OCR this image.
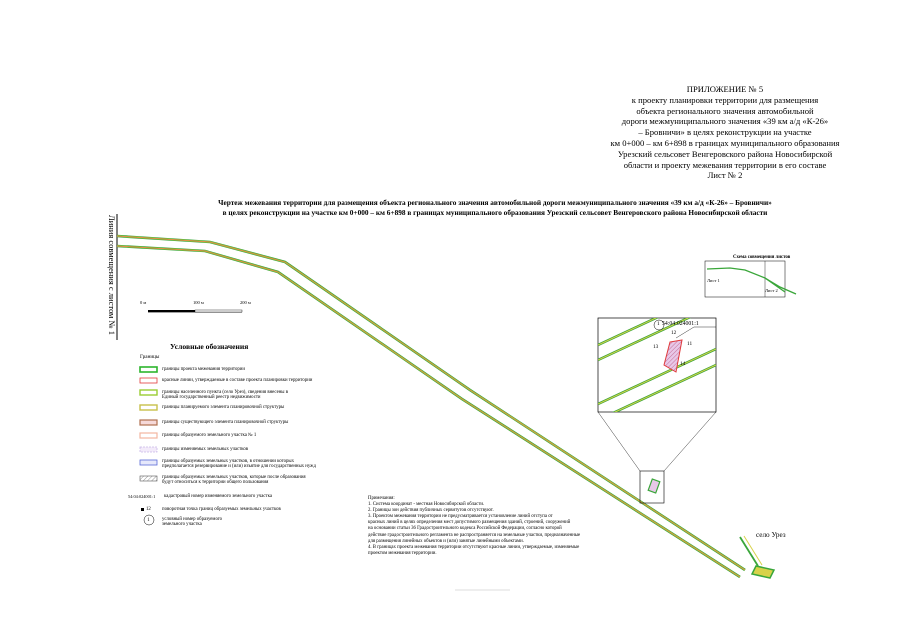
ПРИЛОЖЕНИЕ № 5
к проекту планировки территории для размещения
объекта регионального значения автомобильной
дороги межмуниципального значения «39 км а/д «К-26»
– Бровничи» в целях реконструкции на участке
км 0+000 – км 6+898 в границах муниципального образования
Урезский сельсовет Венгеровского района Новосибирской
области и проекту межевания территории в его составе
Лист № 2
Чертеж межевания территории для размещения объекта регионального значения автомобильной дороги межмуниципального значения «39 км а/д «К-26» – Бровничи»
в целях реконструкции на участке км 0+000 – км 6+898 в границах муниципального образования Урезский сельсовет Венгеровского района Новосибирской области
Линия совмещения с листом № 1	0 м	100 м	200 м
Условные обозначения
Границы
границы проекта межевания территории
красные линии, утверждаемые в составе проекта планировки территории
границы населенного пункта (село Урез), сведения внесены в
Единый государственный реестр недвижимости
границы планируемого элемента планировочной структуры
границы существующего элемента планировочной структуры
границы образуемого земельного участка № 1
границы изменяемых земельных участков
границы образуемых земельных участков, в отношении которых
предполагается резервирование и (или) изъятие для государственных нужд
границы образуемых земельных участков, которые после образования
будут относиться к территории общего пользования
54:04:024001:1	кадастровый номер изменяемого земельного участка
12	поворотная точка границ образуемых земельных участков
1	условный номер образуемого
земельного участка
Примечания:
1. Система координат - местная Новосибирской области.
2. Границы зон действия публичных сервитутов отсутствуют.
3. Проектом межевания территории не предусматривается установление линий отступа от
красных линий в целях определения мест допустимого размещения зданий, строений, сооружений
на основании статьи 36 Градостроительного кодекса Российской Федерации, согласно которой
действие градостроительного регламента не распространяется на земельные участки, предназначенные
для размещения линейных объектов и (или) занятые линейными объектами.
4. В границах проекта межевания территории отсутствуют красные линии, утверждаемые, изменяемые
проектом межевания территории.
Схема совмещения листов
Лист 1
Лист 2
54:04:024001:1
1
11
12
13
14
село Урез
